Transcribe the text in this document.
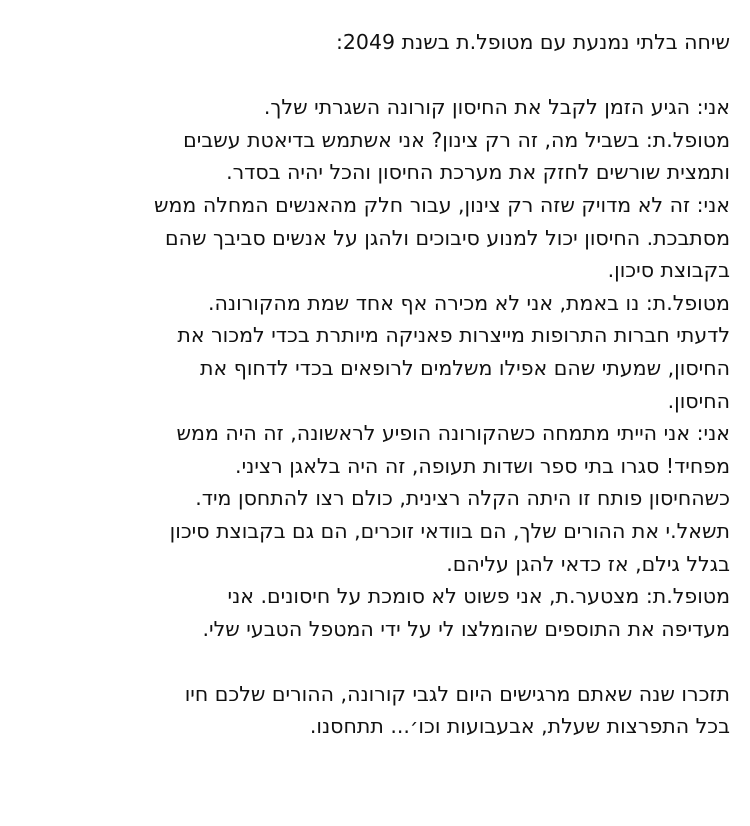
שיחה בלתי נמנעת עם מטופל.ת בשנת 2049:
אני: הגיע הזמן לקבל את החיסון קורונה השגרתי שלך.
מטופל.ת: בשביל מה, זה רק צינון? אני אשתמש בדיאטת עשבים
ותמצית שורשים לחזק את מערכת החיסון והכל יהיה בסדר.
אני: זה לא מדויק שזה רק צינון, עבור חלק מהאנשים המחלה ממש
מסתבכת. החיסון יכול למנוע סיבוכים ולהגן על אנשים סביבך שהם
בקבוצת סיכון.
מטופל.ת: נו באמת, אני לא מכירה אף אחד שמת מהקורונה.
לדעתי חברות התרופות מייצרות פאניקה מיותרת בכדי למכור את
החיסון, שמעתי שהם אפילו משלמים לרופאים בכדי לדחוף את
החיסון.
אני: אני הייתי מתמחה כשהקורונה הופיע לראשונה, זה היה ממש
מפחיד! סגרו בתי ספר ושדות תעופה, זה היה בלאגן רציני.
כשהחיסון פותח זו היתה הקלה רצינית, כולם רצו להתחסן מיד.
תשאל.י את ההורים שלך, הם בוודאי זוכרים, הם גם בקבוצת סיכון
בגלל גילם, אז כדאי להגן עליהם.
מטופל.ת: מצטער.ת, אני פשוט לא סומכת על חיסונים. אני
מעדיפה את התוספים שהומלצו לי על ידי המטפל הטבעי שלי.
תזכרו שנה שאתם מרגישים היום לגבי קורונה, ההורים שלכם חיו
בכל התפרצות שעלת, אבעבועות וכו׳... תתחסנו.
